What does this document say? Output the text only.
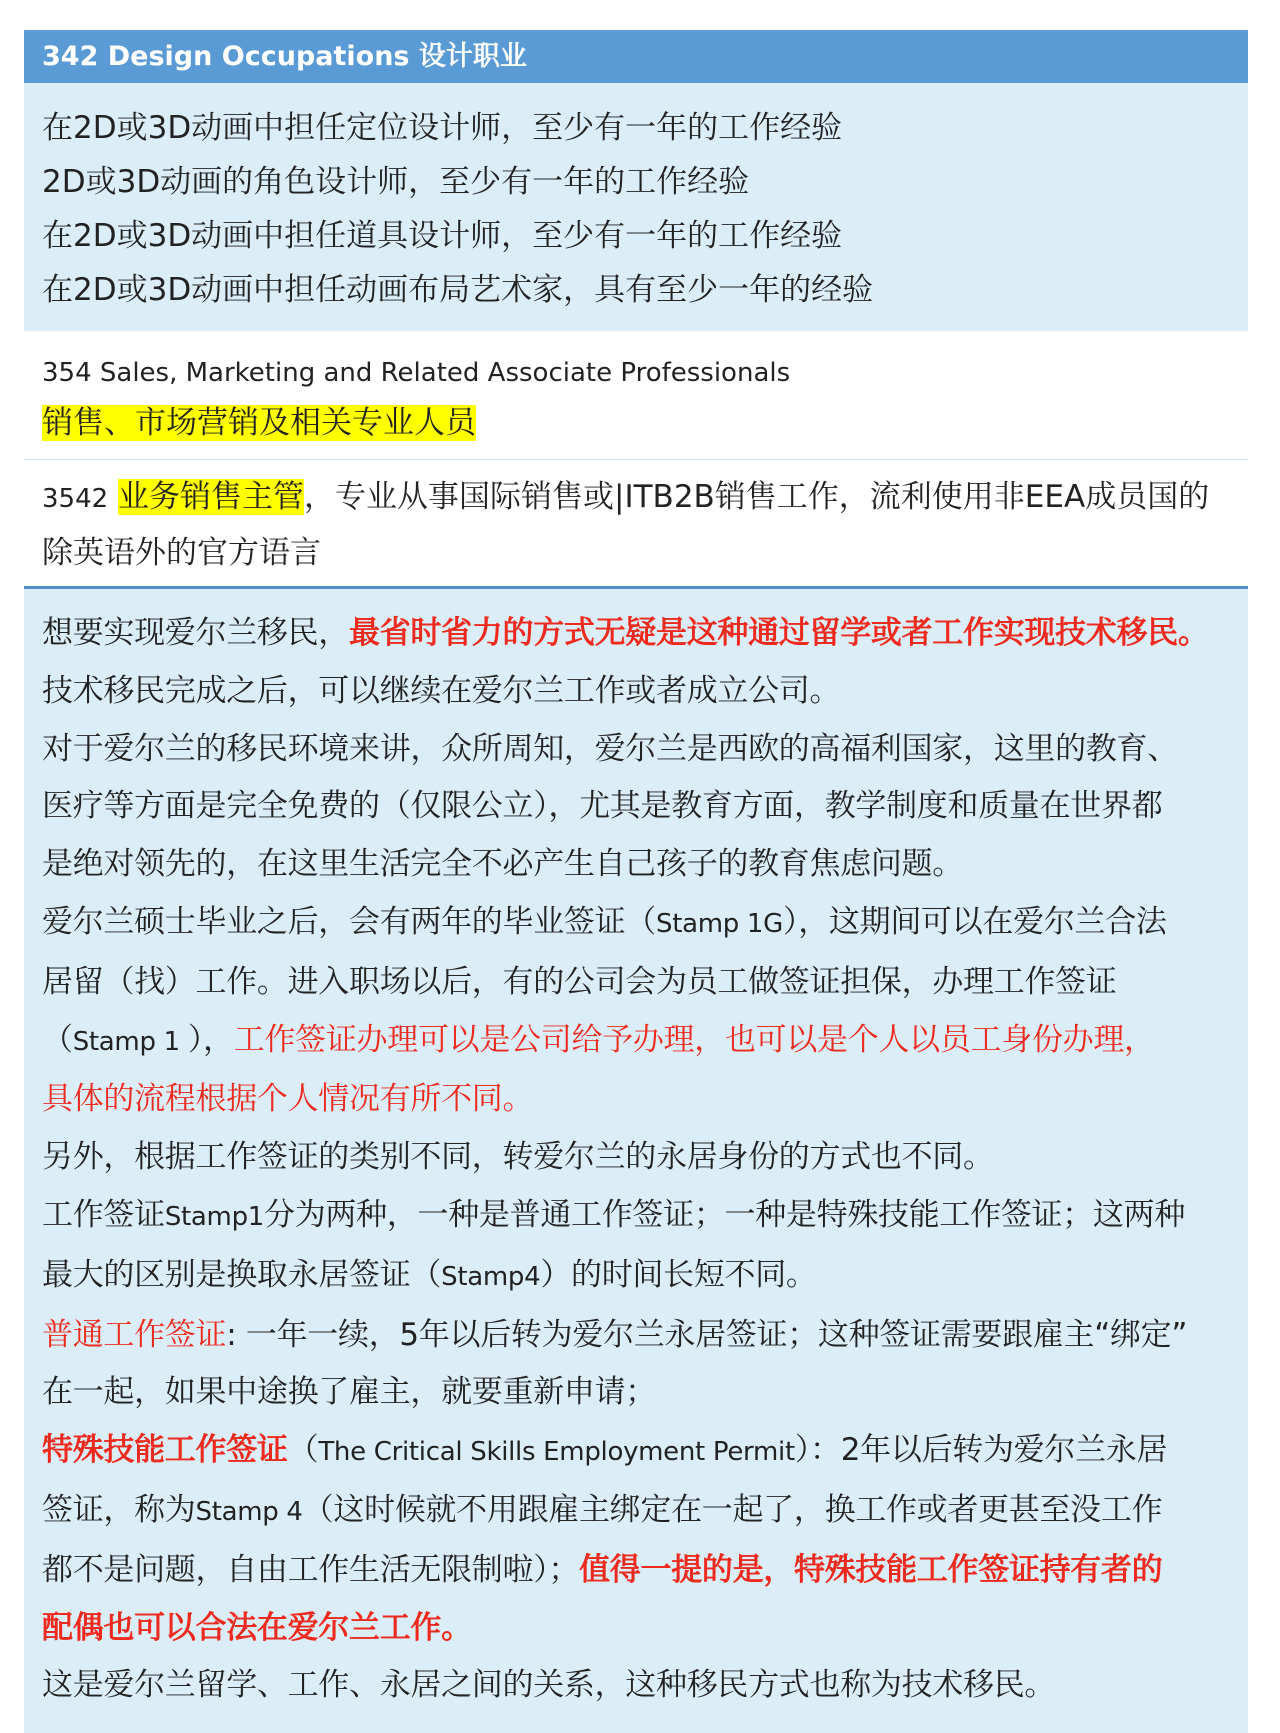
342 Design Occupations 设计职业
在2D或3D动画中担任定位设计师，至少有一年的工作经验
2D或3D动画的角色设计师，至少有一年的工作经验
在2D或3D动画中担任道具设计师，至少有一年的工作经验
在2D或3D动画中担任动画布局艺术家，具有至少一年的经验
354 Sales, Marketing and Related Associate Professionals
销售、市场营销及相关专业人员
3542 业务销售主管，专业从事国际销售或|ITB2B销售工作，流利使用非EEA成员国的
除英语外的官方语言
想要实现爱尔兰移民，最省时省力的方式无疑是这种通过留学或者工作实现技术移民。
技术移民完成之后，可以继续在爱尔兰工作或者成立公司。
对于爱尔兰的移民环境来讲，众所周知，爱尔兰是西欧的高福利国家，这里的教育、
医疗等方面是完全免费的（仅限公立），尤其是教育方面，教学制度和质量在世界都
是绝对领先的，在这里生活完全不必产生自己孩子的教育焦虑问题。
爱尔兰硕士毕业之后，会有两年的毕业签证（Stamp 1G），这期间可以在爱尔兰合法
居留（找）工作。进入职场以后，有的公司会为员工做签证担保，办理工作签证
（Stamp 1 ），工作签证办理可以是公司给予办理，也可以是个人以员工身份办理，
具体的流程根据个人情况有所不同。
另外，根据工作签证的类别不同，转爱尔兰的永居身份的方式也不同。
工作签证Stamp1分为两种，一种是普通工作签证；一种是特殊技能工作签证；这两种
最大的区别是换取永居签证（Stamp4）的时间长短不同。
普通工作签证: 一年一续，5年以后转为爱尔兰永居签证；这种签证需要跟雇主“绑定”
在一起，如果中途换了雇主，就要重新申请；
特殊技能工作签证（The Critical Skills Employment Permit）：2年以后转为爱尔兰永居
签证，称为Stamp 4（这时候就不用跟雇主绑定在一起了，换工作或者更甚至没工作
都不是问题，自由工作生活无限制啦）；值得一提的是，特殊技能工作签证持有者的
配偶也可以合法在爱尔兰工作。
这是爱尔兰留学、工作、永居之间的关系，这种移民方式也称为技术移民。
